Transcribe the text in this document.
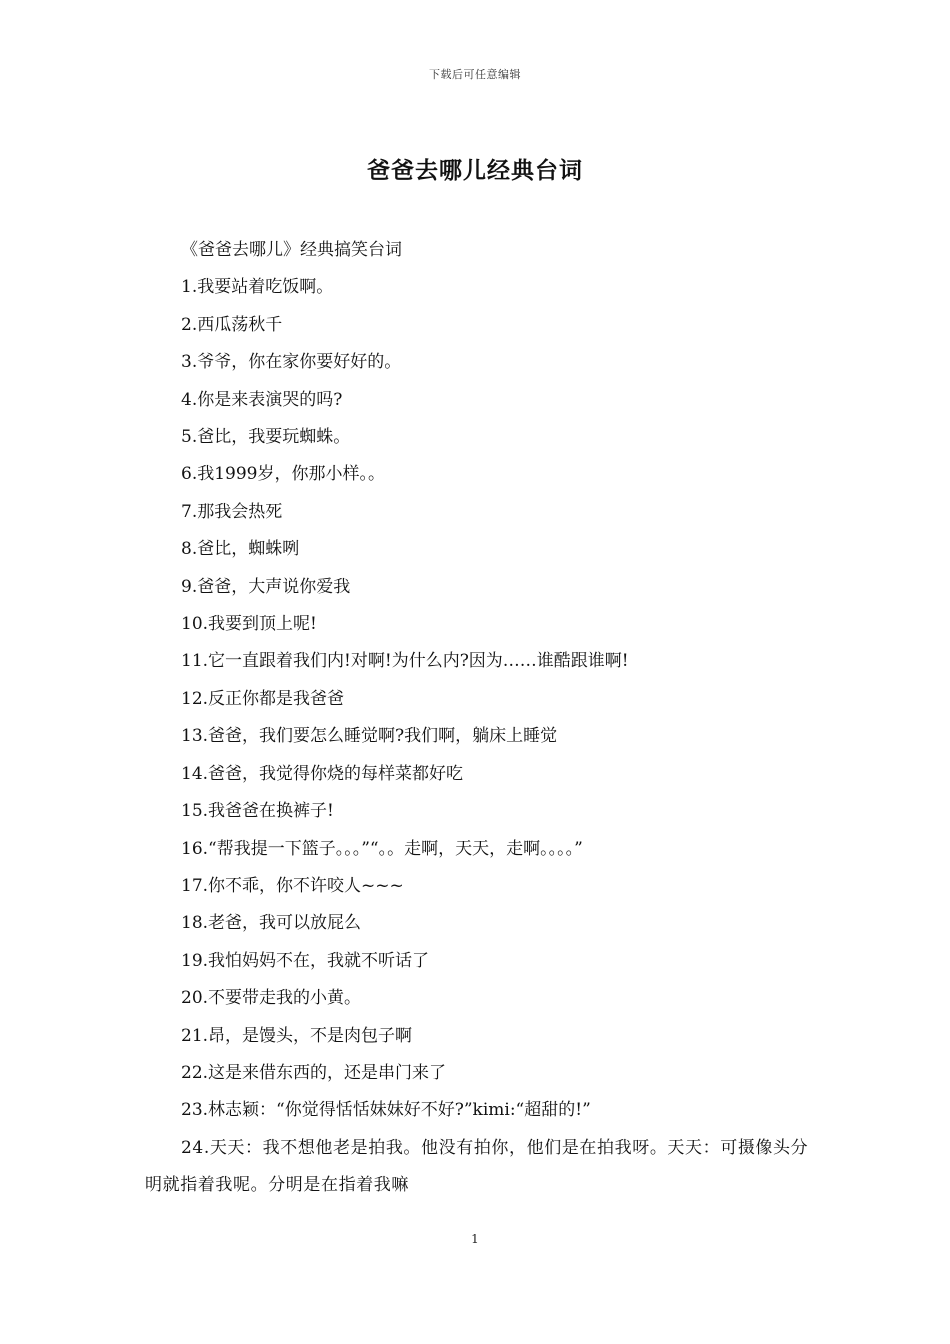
下载后可任意编辑
爸爸去哪儿经典台词
《爸爸去哪儿》经典搞笑台词
1.我要站着吃饭啊。
2.西瓜荡秋千
3.爷爷，你在家你要好好的。
4.你是来表演哭的吗?
5.爸比，我要玩蜘蛛。
6.我1999岁，你那小样。。
7.那我会热死
8.爸比，蜘蛛咧
9.爸爸，大声说你爱我
10.我要到顶上呢!
11.它一直跟着我们内!对啊!为什么内?因为……谁酷跟谁啊!
12.反正你都是我爸爸
13.爸爸，我们要怎么睡觉啊?我们啊，躺床上睡觉
14.爸爸，我觉得你烧的每样菜都好吃
15.我爸爸在换裤子!
16.“帮我提一下篮子。。。”“。。走啊，天天，走啊。。。。”
17.你不乖，你不许咬人~~~
18.老爸，我可以放屁么
19.我怕妈妈不在，我就不听话了
20.不要带走我的小黄。
21.昂，是馒头，不是肉包子啊
22.这是来借东西的，还是串门来了
23.林志颖：“你觉得恬恬妹妹好不好?”kimi:“超甜的!”
24.天天：我不想他老是拍我。他没有拍你，他们是在拍我呀。天天：可摄像头分明就指着我呢。分明是在指着我嘛
1
